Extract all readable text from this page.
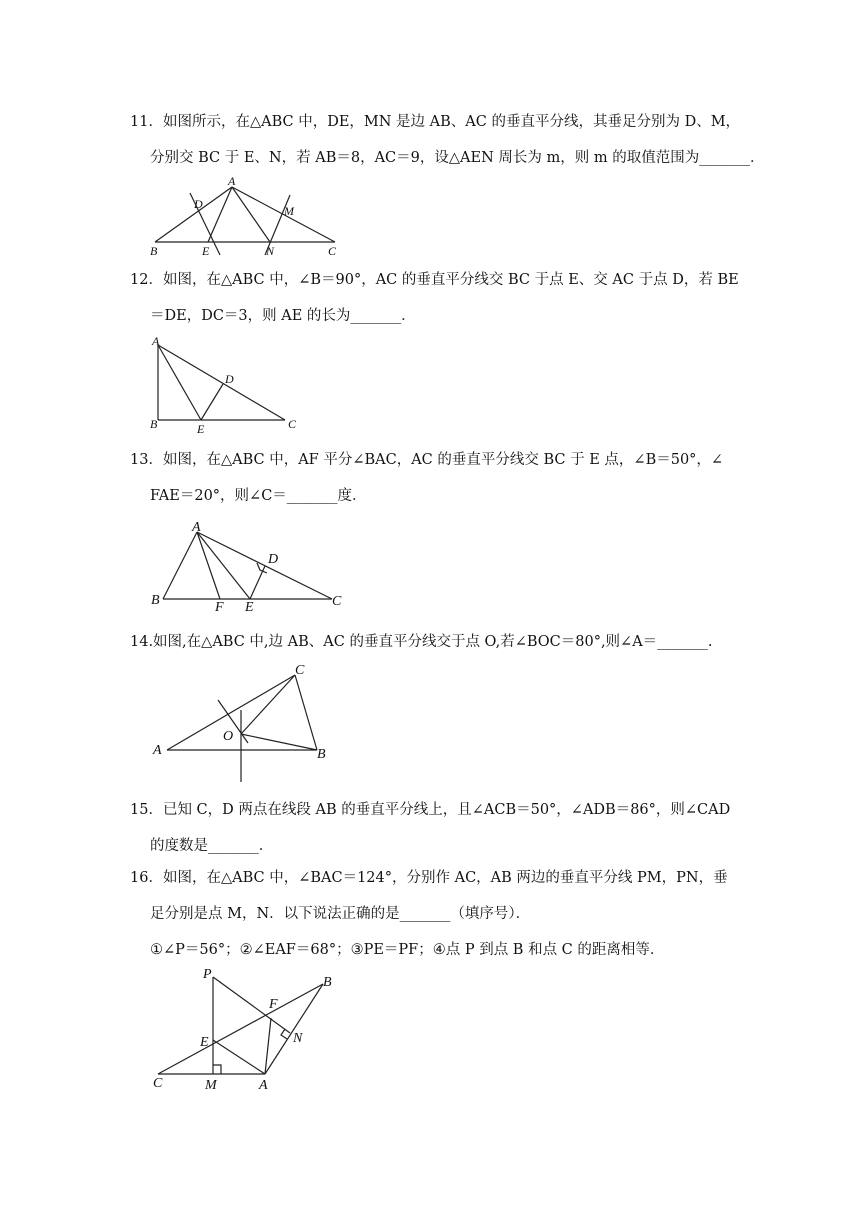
11．如图所示，在△ABC 中，DE，MN 是边 AB、AC 的垂直平分线，其垂足分别为 D、M，
分别交 BC 于 E、N，若 AB＝8，AC＝9，设△AEN 周长为 m，则 m 的取值范围为_______．
A
B	C
D
E
M
N
12．如图，在△ABC 中，∠B＝90°，AC 的垂直平分线交 BC 于点 E、交 AC 于点 D，若 BE
＝DE，DC＝3，则 AE 的长为_______．
A
B	C
D
E
13．如图，在△ABC 中，AF 平分∠BAC，AC 的垂直平分线交 BC 于 E 点，∠B＝50°，∠
FAE＝20°，则∠C＝_______度．
A
B	C
D
E
F
14.如图,在△ABC 中,边 AB、AC 的垂直平分线交于点 O,若∠BOC＝80°,则∠A＝_______.
C
A	B
O
15．已知 C，D 两点在线段 AB 的垂直平分线上，且∠ACB＝50°，∠ADB＝86°，则∠CAD
的度数是_______．
16．如图，在△ABC 中，∠BAC＝124°，分别作 AC，AB 两边的垂直平分线 PM，PN，垂
足分别是点 M，N．以下说法正确的是_______（填序号）．
①∠P＝56°；②∠EAF＝68°；③PE＝PF；④点 P 到点 B 和点 C 的距离相等．
P
B
F
N
E
C	M	A
